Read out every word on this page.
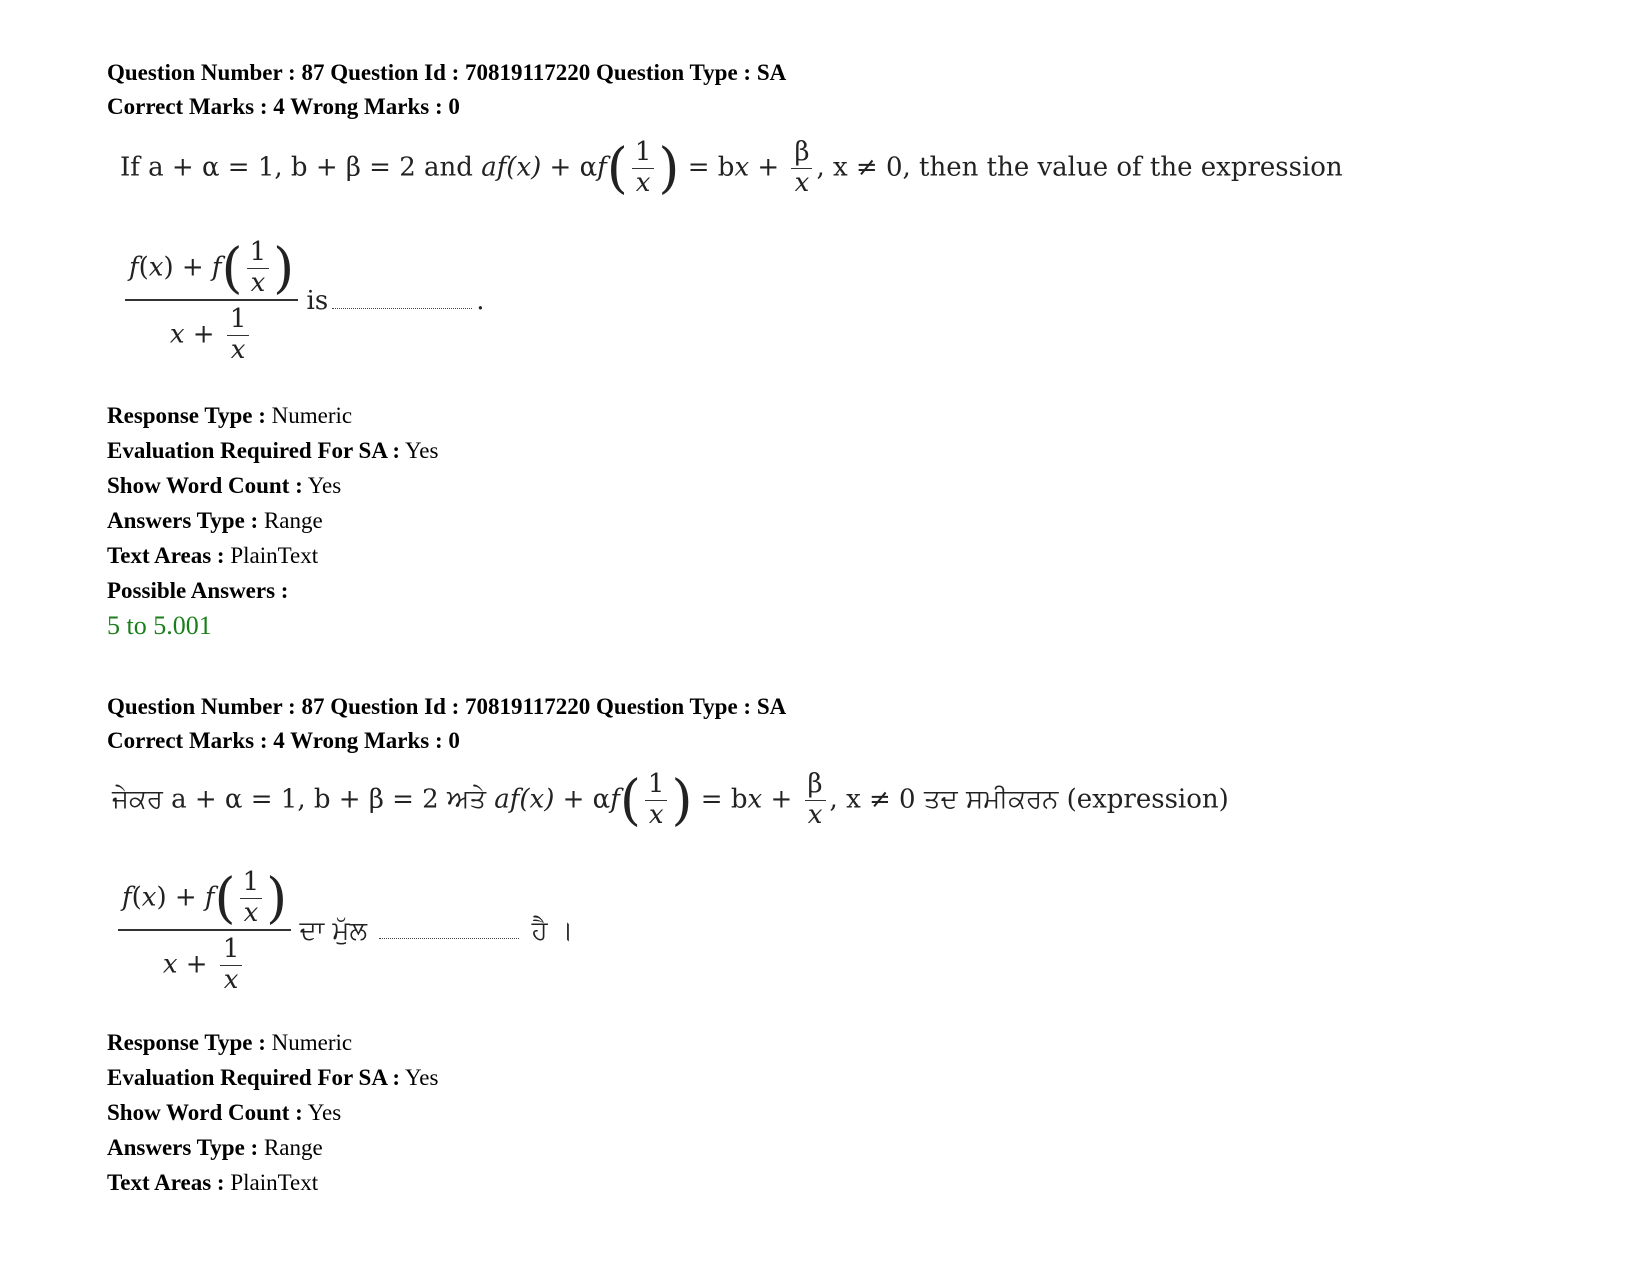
Question Number : 87 Question Id : 70819117220 Question Type : SA
Correct Marks : 4 Wrong Marks : 0
If a + α = 1, b + β = 2 and $af(x) + \alpha f( \frac{1}{x}$ ) = bx + $\frac{\beta}{x}$ , x ≠ 0, then the value of the expression
$\frac{f(x) + f( \frac{1}{x} )}{x + \frac{1}{x}}$ is	.
Response Type : Numeric
Evaluation Required For SA : Yes
Show Word Count : Yes
Answers Type : Range
Text Areas : PlainText
Possible Answers :
5 to 5.001
Question Number : 87 Question Id : 70819117220 Question Type : SA
Correct Marks : 4 Wrong Marks : 0
ਜੇਕਰ a + α = 1, b + β = 2 ਅਤੇ $af(x) + \alpha f( \frac{1}{x}$ ) = bx + $\frac{\beta}{x}$ , x ≠ 0 ਤਦ ਸਮੀਕਰਨ (expression)
$\frac{f(x) + f( \frac{1}{x} )}{x + \frac{1}{x}}$ ਦਾ ਮੁੱਲ	ਹੈ ।
Response Type : Numeric
Evaluation Required For SA : Yes
Show Word Count : Yes
Answers Type : Range
Text Areas : PlainText
